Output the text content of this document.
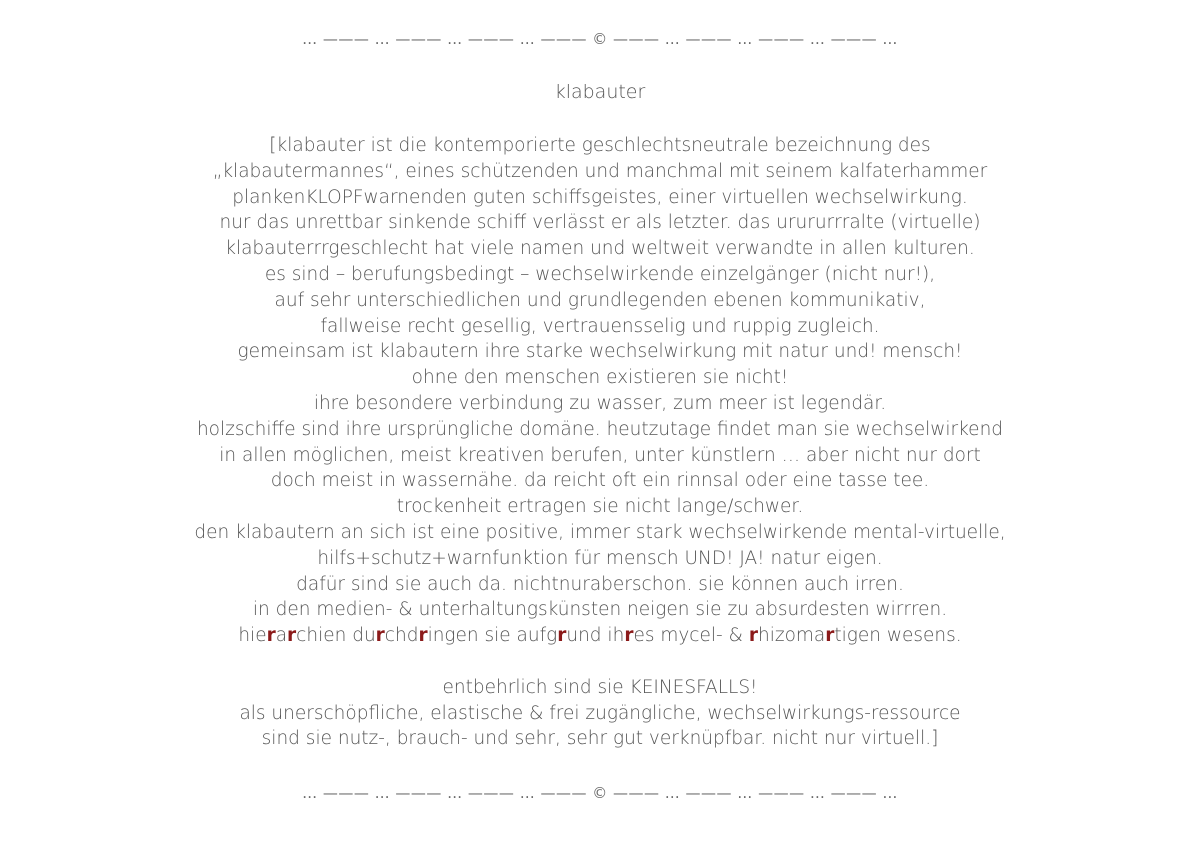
… ——— … ——— … ——— … ——— © ——— … ——— … ——— … ——— …
klabauter
[klabauter ist die kontemporierte geschlechtsneutrale bezeichnung des
„klabautermannes“, eines schützenden und manchmal mit seinem kalfaterhammer
plankenKLOPFwarnenden guten schiffsgeistes, einer virtuellen wechselwirkung.
nur das unrettbar sinkende schiff verlässt er als letzter. das urururrralte (virtuelle)
klabauterrrgeschlecht hat viele namen und weltweit verwandte in allen kulturen.
es sind – berufungsbedingt – wechselwirkende einzelgänger (nicht nur!),
auf sehr unterschiedlichen und grundlegenden ebenen kommunikativ,
fallweise recht gesellig, vertrauensselig und ruppig zugleich.
gemeinsam ist klabautern ihre starke wechselwirkung mit natur und! mensch!
ohne den menschen existieren sie nicht!
ihre besondere verbindung zu wasser, zum meer ist legendär.
holzschiffe sind ihre ursprüngliche domäne. heutzutage findet man sie wechselwirkend
in allen möglichen, meist kreativen berufen, unter künstlern … aber nicht nur dort
doch meist in wassernähe. da reicht oft ein rinnsal oder eine tasse tee.
trockenheit ertragen sie nicht lange/schwer.
den klabautern an sich ist eine positive, immer stark wechselwirkende mental-virtuelle,
hilfs+schutz+warnfunktion für mensch UND! JA! natur eigen.
dafür sind sie auch da. nichtnuraberschon. sie können auch irren.
in den medien- & unterhaltungskünsten neigen sie zu absurdesten wirrren.
hierarchien durchdringen sie aufgrund ihres mycel- & rhizomartigen wesens.
entbehrlich sind sie KEINESFALLS!
als unerschöpfliche, elastische & frei zugängliche, wechselwirkungs-ressource
sind sie nutz-, brauch- und sehr, sehr gut verknüpfbar. nicht nur virtuell.]
… ——— … ——— … ——— … ——— © ——— … ——— … ——— … ——— …
